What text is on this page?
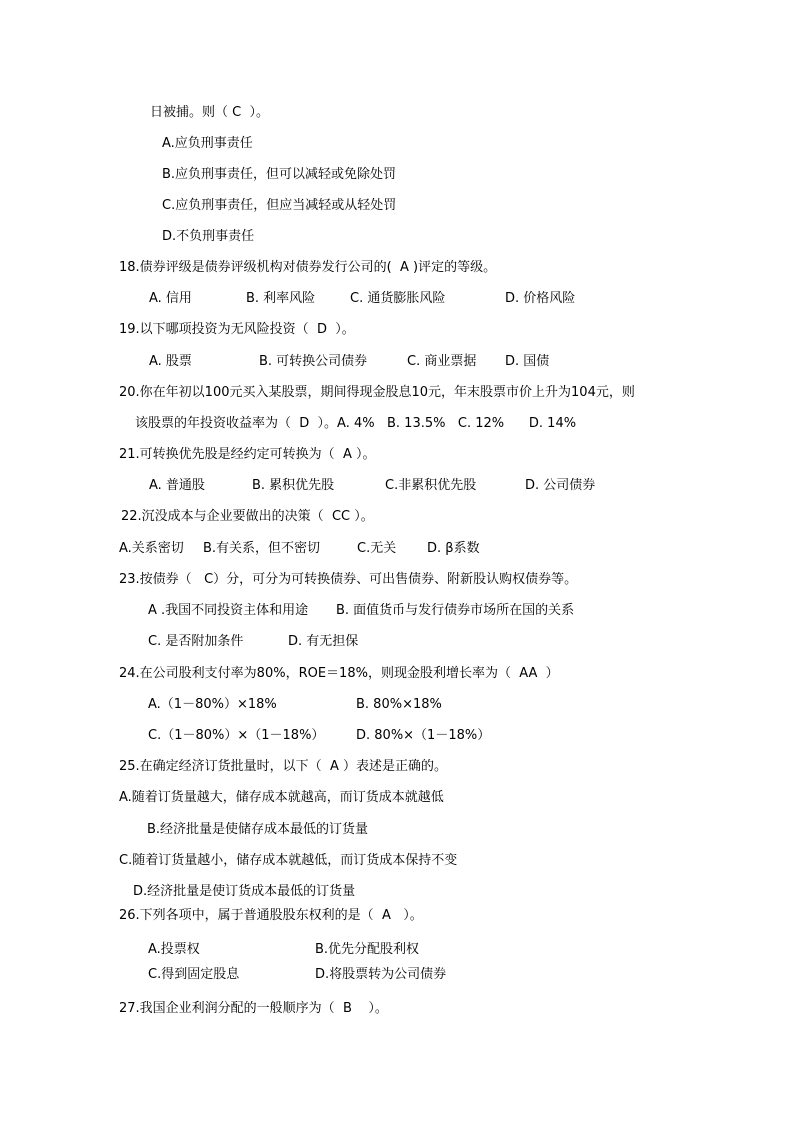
日被捕。则（ C  ）。
A.应负刑事责任
B.应负刑事责任，但可以减轻或免除处罚
C.应负刑事责任，但应当减轻或从轻处罚
D.不负刑事责任
18.债券评级是债券评级机构对债券发行公司的(  A )评定的等级。
A. 信用	B. 利率风险	C. 通货膨胀风险	D. 价格风险
19.以下哪项投资为无风险投资（  D  ）。
A. 股票	B. 可转换公司债券	C. 商业票据 D. 国债
20.你在年初以100元买入某股票，期间得现金股息10元，年末股票市价上升为104元，则
该股票的年投资收益率为（  D  ）。A. 4%   B. 13.5%   C. 12%      D. 14%
21.可转换优先股是经约定可转换为（  A ）。
A. 普通股	B. 累积优先股	C.非累积优先股	D. 公司债券
22.沉没成本与企业要做出的决策（  CC ）。
A.关系密切 B.有关系，但不密切	C.无关 D. β系数
23.按债券（   C）分，可分为可转换债券、可出售债券、附新股认购权债券等。
A .我国不同投资主体和用途 B. 面值货币与发行债券市场所在国的关系
C. 是否附加条件	D. 有无担保
24.在公司股利支付率为80%，ROE＝18%，则现金股利增长率为（  AA  ）
A.（1－80%）×18%	B. 80%×18%
C.（1－80%）×（1－18%） D. 80%×（1－18%）
25.在确定经济订货批量时，以下（  A ）表述是正确的。
A.随着订货量越大，储存成本就越高，而订货成本就越低
B.经济批量是使储存成本最低的订货量
C.随着订货量越小，储存成本就越低，而订货成本保持不变
D.经济批量是使订货成本最低的订货量
26.下列各项中，属于普通股股东权利的是（  A   ）。
A.投票权	B.优先分配股利权
C.得到固定股息	D.将股票转为公司债券
27.我国企业利润分配的一般顺序为（  B    ）。
